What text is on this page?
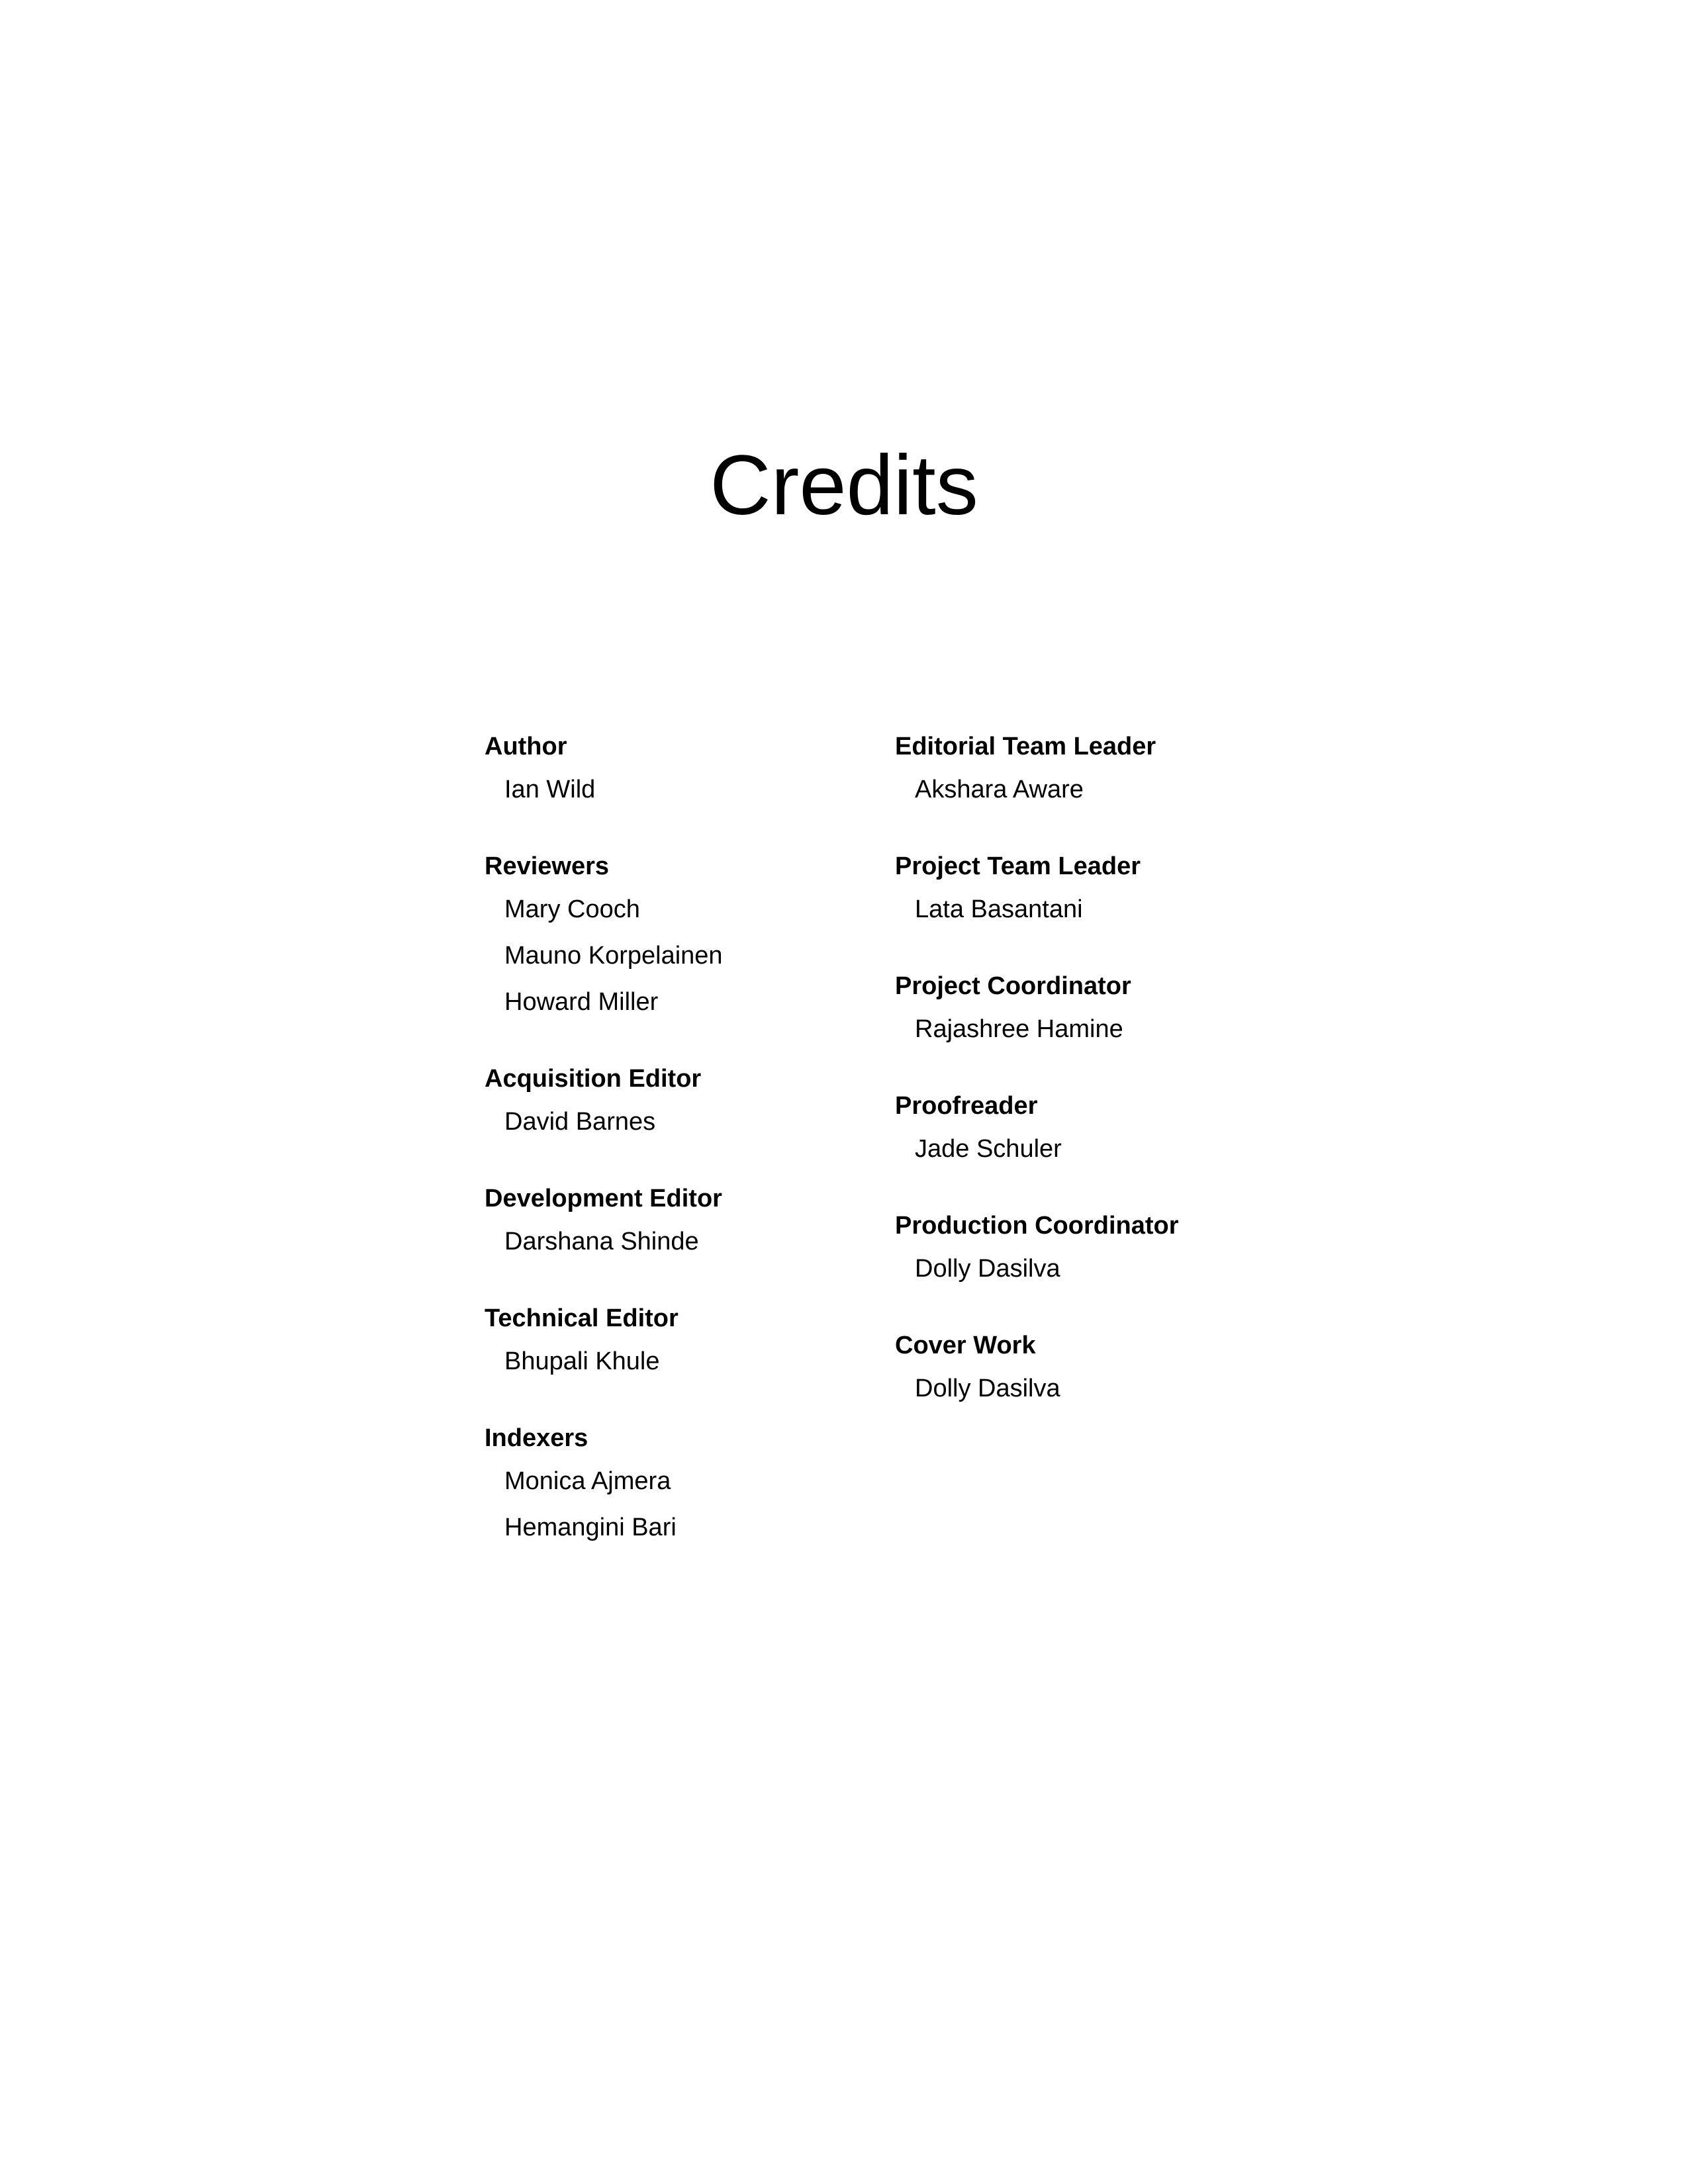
Credits
Author
Ian Wild
Reviewers
Mary Cooch
Mauno Korpelainen
Howard Miller
Acquisition Editor
David Barnes
Development Editor
Darshana Shinde
Technical Editor
Bhupali Khule
Indexers
Monica Ajmera
Hemangini Bari
Editorial Team Leader
Akshara Aware
Project Team Leader
Lata Basantani
Project Coordinator
Rajashree Hamine
Proofreader
Jade Schuler
Production Coordinator
Dolly Dasilva
Cover Work
Dolly Dasilva
